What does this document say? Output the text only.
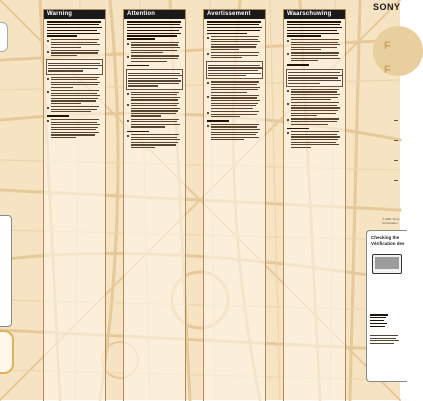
Warning	Attention	Avertissement	Waarschuwing
SONY
F
F
© 2001 Sony Corporation
Checking the
Vérification des
